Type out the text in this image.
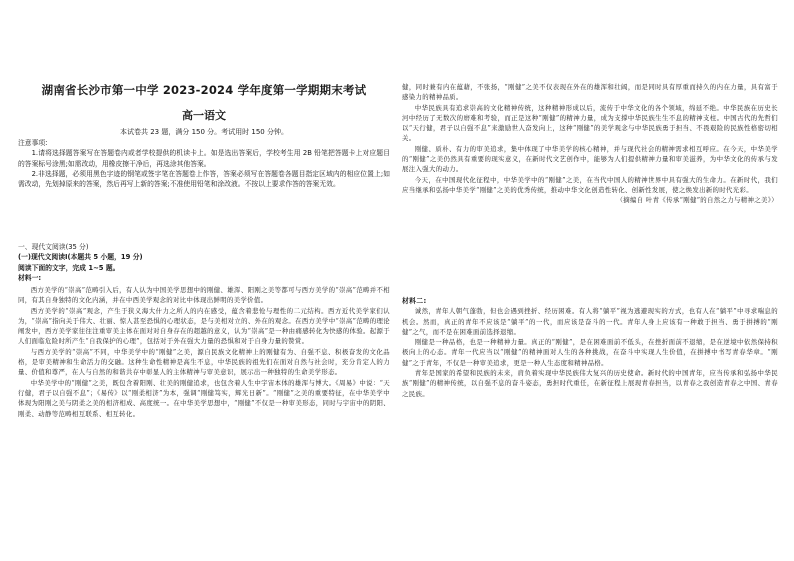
湖南省长沙市第一中学 2023-2024 学年度第一学期期末考试
高一语文
本试卷共 23 题，满分 150 分。考试用时 150 分钟。

注意事项:

1.请将选择题答案写在答题卷内或者学校提供的机读卡上。如是选出答案后，学校考生用 2B 铅笔把答题卡上对应题目的答案标号涂黑;如需改动，用橡皮擦干净后，再选涂其他答案。

2.非选择题，必须用黑色字迹的钢笔或签字笔在答题卷上作答，答案必须写在答题卷各题目指定区域内的相应位置上;如需改动，先划掉原来的答案，然后再写上新的答案;不准使用铅笔和涂改液。不按以上要求作答的答案无效。

一、现代文阅读(35 分)

(一)现代文阅读Ⅰ(本题共 5 小题，19 分)

阅读下面的文字，完成 1~5 题。

材料一:

西方美学的“崇高”范畴引入后，有人认为中国美学思想中的刚健、雄浑、阳刚之美等都可与西方美学的“崇高”范畴并不相同，有其自身独特的文化内涵，并在中西美学观念的对比中体现出鲜明的美学价值。

西方美学的“崇高”观念，产生于狭义海大什力之所人的内在感受，蕴含着悲怆与理性的二元结构。西方近代美学家们认为，“崇高”指向关于伟大、壮丽、惊人甚至恐惧的心理状态，是与美相对立的、外在的观念。在西方美学中“崇高”范畴的理论阐发中，西方美学家往往注重审美主体在面对对自身存在的超越的意义，认为“崇高”是一种由痛感转化为快感的体验。起源于人们面临危险时所产生“自我保护的心理”，包括对于外在强大力量的恐惧和对于自身力量的赞赏。

与西方美学的“崇高”不同，中华美学中的“刚健”之美，源自民族文化精神上的刚健有为、自强不息、积极奋发的文化品格，是审美精神和生命活力的交融。这种生命性精神是高生不息，中华民族的祖先们在面对自然与社会时，充分肯定人的力量、价值和尊严，在人与自然的和谐共存中彰显人的主体精神与审美意识，展示出一种独特的生命美学形态。

中华美学中的“刚健”之美，既包含着阳刚、壮美的刚健追求，也包含着人生中宇宙本体的雄浑与博大。《周易》中说：“天行健，君子以自强不息”；《易传》以“刚柔相济”为本，强调“刚健笃实，辉光日新”。“刚健”之美的重要特征，在中华美学中体现为阳刚之美与阴柔之美的相济相成、高度统一。在中华美学思想中，“刚健”不仅是一种审美形态，同时与宇宙中的阴阳、刚柔、动静等范畴相互联系、相互转化。

健，同时兼有内在蕴藉，不张扬，“刚健”之美不仅表现在外在的雄浑和壮阔，而是同时具有厚重而持久的内在力量，具有富于感染力的精神品质。

中华民族具有追求崇高的文化精神传统，这种精神形成以后，流传于中华文化的各个领域，绵延不绝。中华民族在历史长河中经历了无数次的磨难和考验，而正是这种“刚健”的精神力量，成为支撑中华民族生生不息的精神支柱。中国古代的先哲们以“天行健，君子以自强不息”来激励世人奋发向上，这种“刚健”的美学观念与中华民族勇于担当、不畏艰险的民族性格密切相关。

刚健、质朴、有力的审美追求，集中体现了中华美学的核心精神，并与现代社会的精神需求相互呼应。在今天，中华美学的“刚健”之美仍然具有重要的现实意义，在新时代文艺创作中，能够为人们提供精神力量和审美滋养，为中华文化的传承与发展注入强大的动力。

今天，在中国现代化征程中，中华美学中的“刚健”之美，在当代中国人的精神世界中具有强大的生命力。在新时代，我们应当继承和弘扬中华美学“刚健”之美的优秀传统，推动中华文化创造性转化、创新性发展，使之焕发出新的时代光彩。

（摘编自 叶青《传承“刚健”的自然之力与精神之美》）

材料二:

诚然，青年人朝气蓬勃，但也会遇到挫折、经历困难。有人将“躺平”视为逃避现实的方式，也有人在“躺平”中寻求喘息的机会。然而，真正的青年不应该是“躺平”的一代，而应该是奋斗的一代。青年人身上应该有一种敢于担当、勇于拼搏的“刚健”之气，而不是在困难面前选择退缩。

刚健是一种品格，也是一种精神力量。真正的“刚健”，是在困难面前不低头，在挫折面前不退缩，是在逆境中依然保持积极向上的心态。青年一代应当以“刚健”的精神面对人生的各种挑战，在奋斗中实现人生价值，在拼搏中书写青春华章。“刚健”之于青年，不仅是一种审美追求，更是一种人生态度和精神品格。

青年是国家的希望和民族的未来，肩负着实现中华民族伟大复兴的历史使命。新时代的中国青年，应当传承和弘扬中华民族“刚健”的精神传统，以自强不息的奋斗姿态，勇担时代重任，在新征程上展现青春担当，以青春之我创造青春之中国、青春之民族。
